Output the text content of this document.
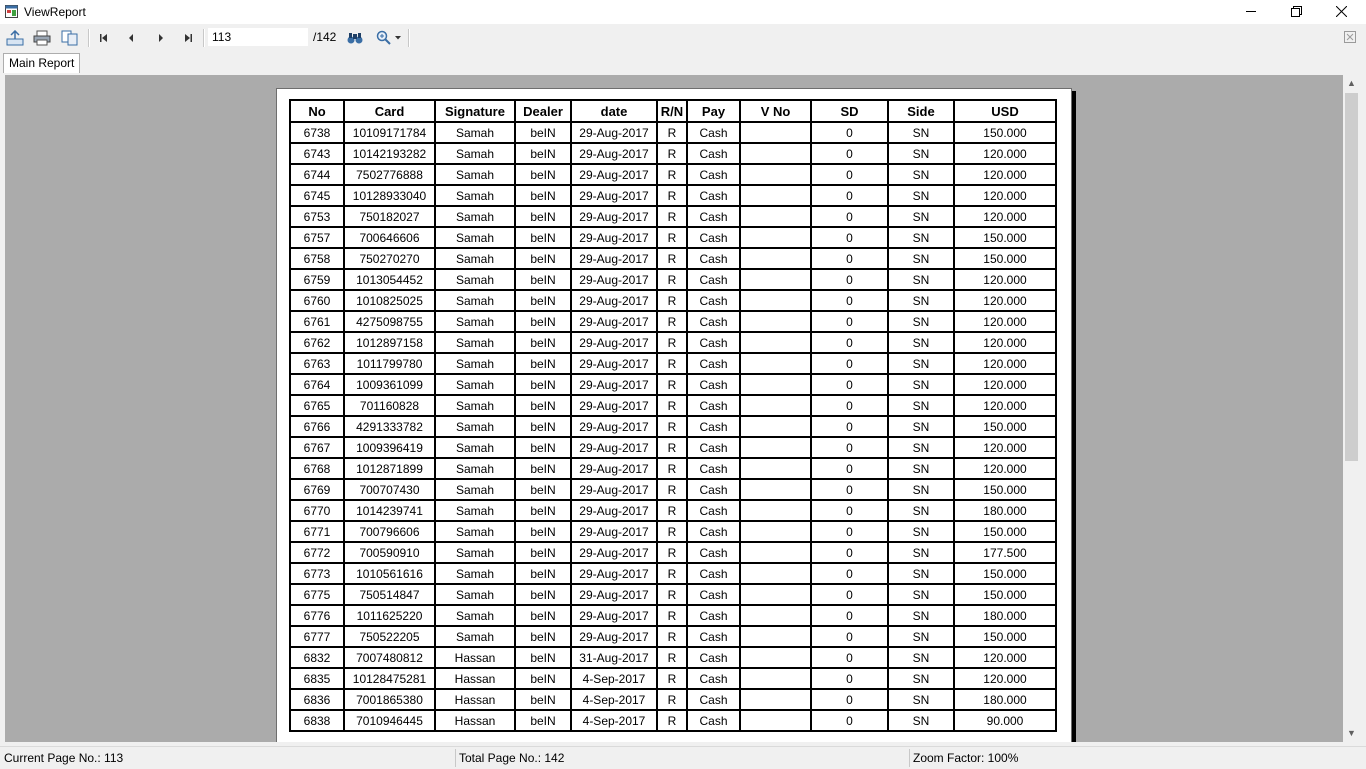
ViewReport
113
/142
Main Report
No	Card	Signature	Dealer	date	R/N	Pay	V No	SD	Side	USD
6738	10109171784	Samah	beIN	29-Aug-2017	R	Cash		0	SN	150.000
6743	10142193282	Samah	beIN	29-Aug-2017	R	Cash		0	SN	120.000
6744	7502776888	Samah	beIN	29-Aug-2017	R	Cash		0	SN	120.000
6745	10128933040	Samah	beIN	29-Aug-2017	R	Cash		0	SN	120.000
6753	750182027	Samah	beIN	29-Aug-2017	R	Cash		0	SN	120.000
6757	700646606	Samah	beIN	29-Aug-2017	R	Cash		0	SN	150.000
6758	750270270	Samah	beIN	29-Aug-2017	R	Cash		0	SN	150.000
6759	1013054452	Samah	beIN	29-Aug-2017	R	Cash		0	SN	120.000
6760	1010825025	Samah	beIN	29-Aug-2017	R	Cash		0	SN	120.000
6761	4275098755	Samah	beIN	29-Aug-2017	R	Cash		0	SN	120.000
6762	1012897158	Samah	beIN	29-Aug-2017	R	Cash		0	SN	120.000
6763	1011799780	Samah	beIN	29-Aug-2017	R	Cash		0	SN	120.000
6764	1009361099	Samah	beIN	29-Aug-2017	R	Cash		0	SN	120.000
6765	701160828	Samah	beIN	29-Aug-2017	R	Cash		0	SN	120.000
6766	4291333782	Samah	beIN	29-Aug-2017	R	Cash		0	SN	150.000
6767	1009396419	Samah	beIN	29-Aug-2017	R	Cash		0	SN	120.000
6768	1012871899	Samah	beIN	29-Aug-2017	R	Cash		0	SN	120.000
6769	700707430	Samah	beIN	29-Aug-2017	R	Cash		0	SN	150.000
6770	1014239741	Samah	beIN	29-Aug-2017	R	Cash		0	SN	180.000
6771	700796606	Samah	beIN	29-Aug-2017	R	Cash		0	SN	150.000
6772	700590910	Samah	beIN	29-Aug-2017	R	Cash		0	SN	177.500
6773	1010561616	Samah	beIN	29-Aug-2017	R	Cash		0	SN	150.000
6775	750514847	Samah	beIN	29-Aug-2017	R	Cash		0	SN	150.000
6776	1011625220	Samah	beIN	29-Aug-2017	R	Cash		0	SN	180.000
6777	750522205	Samah	beIN	29-Aug-2017	R	Cash		0	SN	150.000
6832	7007480812	Hassan	beIN	31-Aug-2017	R	Cash		0	SN	120.000
6835	10128475281	Hassan	beIN	4-Sep-2017	R	Cash		0	SN	120.000
6836	7001865380	Hassan	beIN	4-Sep-2017	R	Cash		0	SN	180.000
6838	7010946445	Hassan	beIN	4-Sep-2017	R	Cash		0	SN	90.000
▲
▼
Current Page No.: 113	Total Page No.: 142	Zoom Factor: 100%
